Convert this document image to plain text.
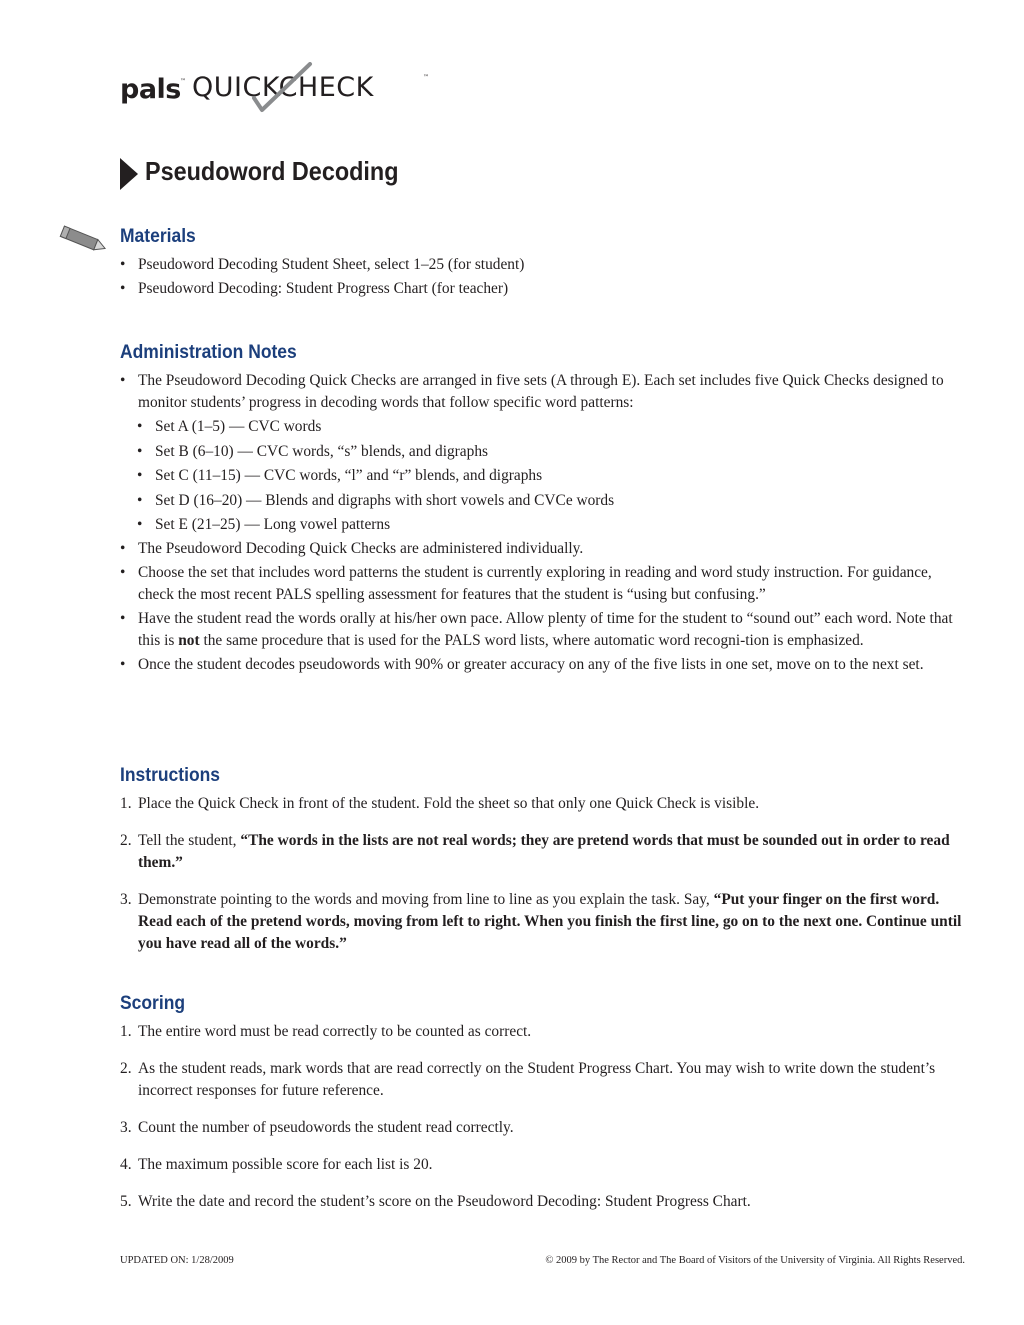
pals ™ QUICKCHECK	™
Pseudoword Decoding
Materials
• Pseudoword Decoding Student Sheet, select 1–25 (for student)
• Pseudoword Decoding: Student Progress Chart (for teacher)
Administration Notes
• The Pseudoword Decoding Quick Checks are arranged in five sets (A through E). Each set includes five Quick Checks designed to monitor students’ progress in decoding words that follow specific word patterns:
• Set A (1–5) — CVC words
• Set B (6–10) — CVC words, “s” blends, and digraphs
• Set C (11–15) — CVC words, “l” and “r” blends, and digraphs
• Set D (16–20) — Blends and digraphs with short vowels and CVCe words
• Set E (21–25) — Long vowel patterns
• The Pseudoword Decoding Quick Checks are administered individually.
• Choose the set that includes word patterns the student is currently exploring in reading and word study instruction. For guidance, check the most recent PALS spelling assessment for features that the student is “using but confusing.”
• Have the student read the words orally at his/her own pace. Allow plenty of time for the student to “sound out” each word. Note that this is not the same procedure that is used for the PALS word lists, where automatic word recogni-tion is emphasized.
• Once the student decodes pseudowords with 90% or greater accuracy on any of the five lists in one set, move on to the next set.
Instructions
1. Place the Quick Check in front of the student. Fold the sheet so that only one Quick Check is visible.
2. Tell the student, “The words in the lists are not real words; they are pretend words that must be sounded out in order to read them.”
3. Demonstrate pointing to the words and moving from line to line as you explain the task. Say, “Put your finger on the first word. Read each of the pretend words, moving from left to right. When you finish the first line, go on to the next one. Continue until you have read all of the words.”
Scoring
1. The entire word must be read correctly to be counted as correct.
2. As the student reads, mark words that are read correctly on the Student Progress Chart. You may wish to write down the student’s incorrect responses for future reference.
3. Count the number of pseudowords the student read correctly.
4. The maximum possible score for each list is 20.
5. Write the date and record the student’s score on the Pseudoword Decoding: Student Progress Chart.
UPDATED ON: 1/28/2009	© 2009 by The Rector and The Board of Visitors of the University of Virginia. All Rights Reserved.
